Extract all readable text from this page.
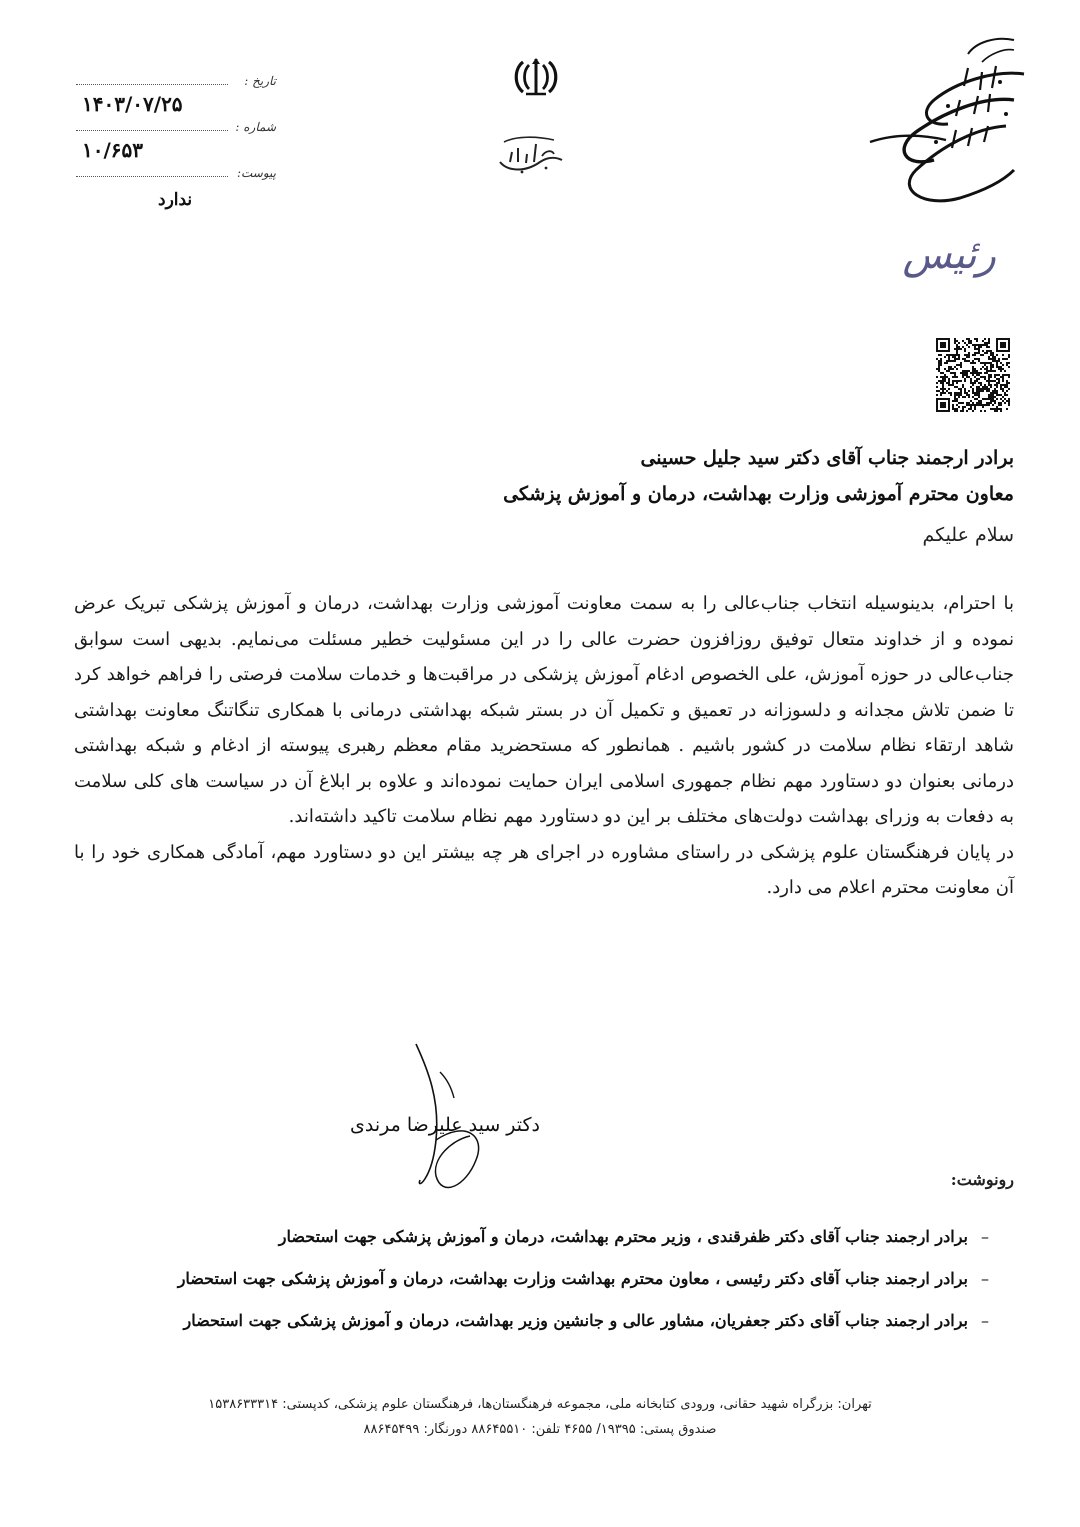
تاریخ :
۱۴۰۳/۰۷/۲۵
شماره :
۱۰/۶۵۳
پیوست:
ندارد
رئیس
برادر ارجمند جناب آقای دکتر سید جلیل حسینی
معاون محترم آموزشی وزارت بهداشت، درمان و آموزش پزشکی
سلام علیکم

با احترام، بدینوسیله انتخاب جناب‌عالی را به سمت معاونت آموزشی وزارت بهداشت، درمان و آموزش پزشکی تبریک عرض نموده و از خداوند متعال توفیق روزافزون حضرت عالی را در این مسئولیت خطیر مسئلت می‌نمایم. بدیهی است سوابق جناب‌عالی در حوزه آموزش، علی الخصوص ادغام آموزش پزشکی در مراقبت‌ها و خدمات سلامت فرصتی را فراهم خواهد کرد تا ضمن تلاش مجدانه و دلسوزانه در تعمیق و تکمیل آن در بستر شبکه بهداشتی درمانی با همکاری تنگاتنگ معاونت بهداشتی شاهد ارتقاء نظام سلامت در کشور باشیم . همانطور که مستحضرید مقام معظم رهبری پیوسته از ادغام و شبکه بهداشتی درمانی بعنوان دو دستاورد مهم نظام جمهوری اسلامی ایران حمایت نموده‌اند و علاوه بر ابلاغ آن در سیاست های کلی سلامت به دفعات به وزرای بهداشت دولت‌های مختلف بر این دو دستاورد مهم نظام سلامت تاکید داشته‌اند.

در پایان فرهنگستان علوم پزشکی در راستای مشاوره در اجرای هر چه بیشتر این دو دستاورد مهم، آمادگی همکاری خود را با آن معاونت محترم اعلام می دارد.

دکتر سید علیرضا مرندی
رونوشت:
–برادر ارجمند جناب آقای دکتر ظفرقندی ، وزیر محترم بهداشت، درمان و آموزش پزشکی جهت استحضار
–برادر ارجمند جناب آقای دکتر رئیسی ، معاون محترم بهداشت وزارت بهداشت، درمان و آموزش پزشکی جهت استحضار
–برادر ارجمند جناب آقای دکتر جعفریان، مشاور عالی و جانشین وزیر بهداشت، درمان و آموزش پزشکی جهت استحضار
تهران: بزرگراه شهید حقانی، ورودی کتابخانه ملی، مجموعه فرهنگستان‌ها، فرهنگستان علوم پزشکی، کدپستی: ۱۵۳۸۶۳۳۳۱۴
صندوق پستی: ۱۹۳۹۵/ ۴۶۵۵ تلفن: ۸۸۶۴۵۵۱۰ دورنگار: ۸۸۶۴۵۴۹۹
